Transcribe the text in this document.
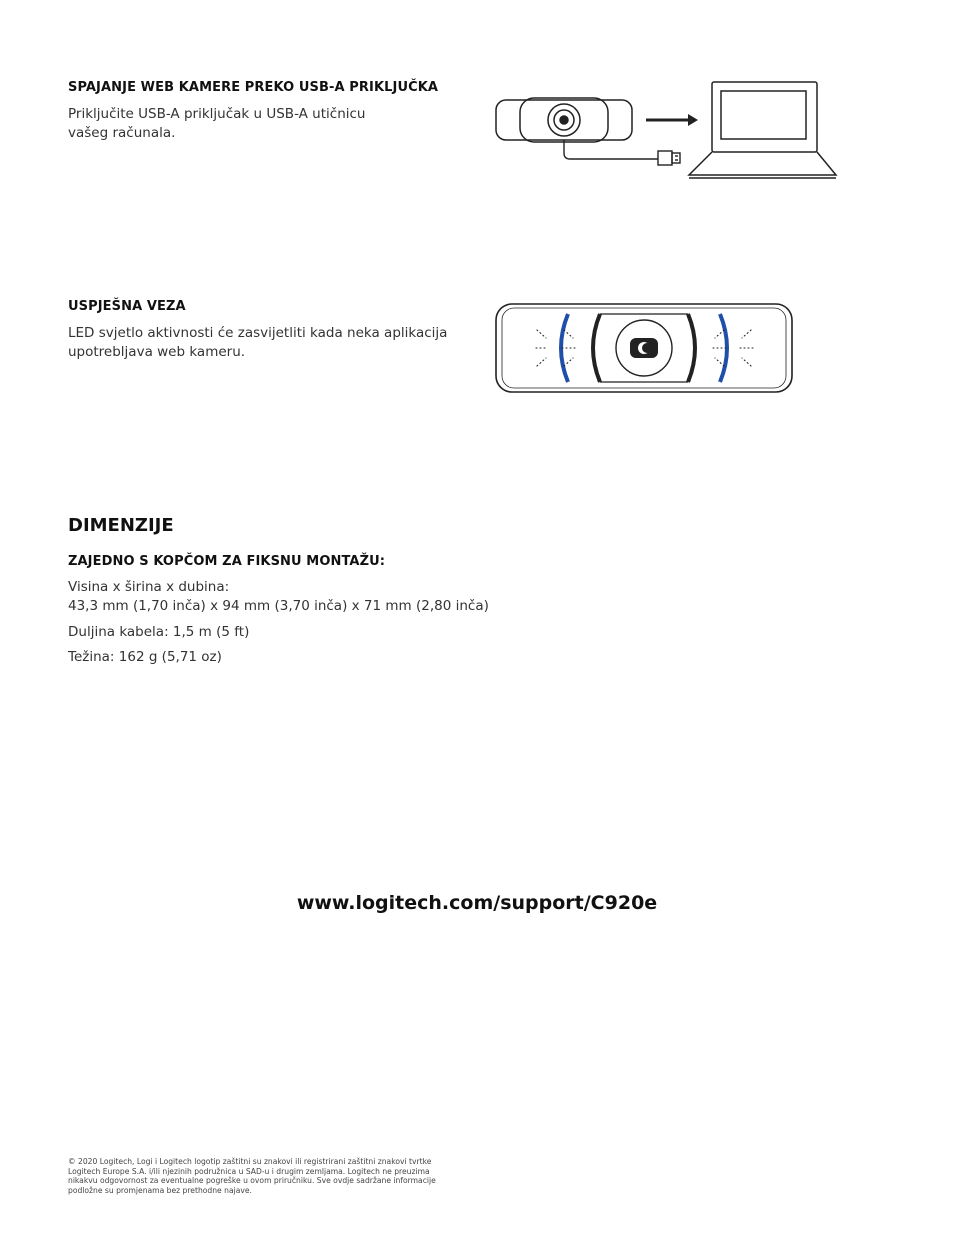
SPAJANJE WEB KAMERE PREKO USB-A PRIKLJUČKA
Priključite USB-A priključak u USB-A utičnicu
vašeg računala.
USPJEŠNA VEZA
LED svjetlo aktivnosti će zasvijetliti kada neka aplikacija
upotrebljava web kameru.
DIMENZIJE
ZAJEDNO S KOPČOM ZA FIKSNU MONTAŽU:
Visina x širina x dubina:
43,3 mm (1,70 inča) x 94 mm (3,70 inča) x 71 mm (2,80 inča)
Duljina kabela: 1,5 m (5 ft)
Težina: 162 g (5,71 oz)
www.logitech.com/support/C920e
© 2020 Logitech, Logi i Logitech logotip zaštitni su znakovi ili registrirani zaštitni znakovi tvrtke
Logitech Europe S.A. i/ili njezinih podružnica u SAD-u i drugim zemljama. Logitech ne preuzima
nikakvu odgovornost za eventualne pogreške u ovom priručniku. Sve ovdje sadržane informacije
podložne su promjenama bez prethodne najave.
